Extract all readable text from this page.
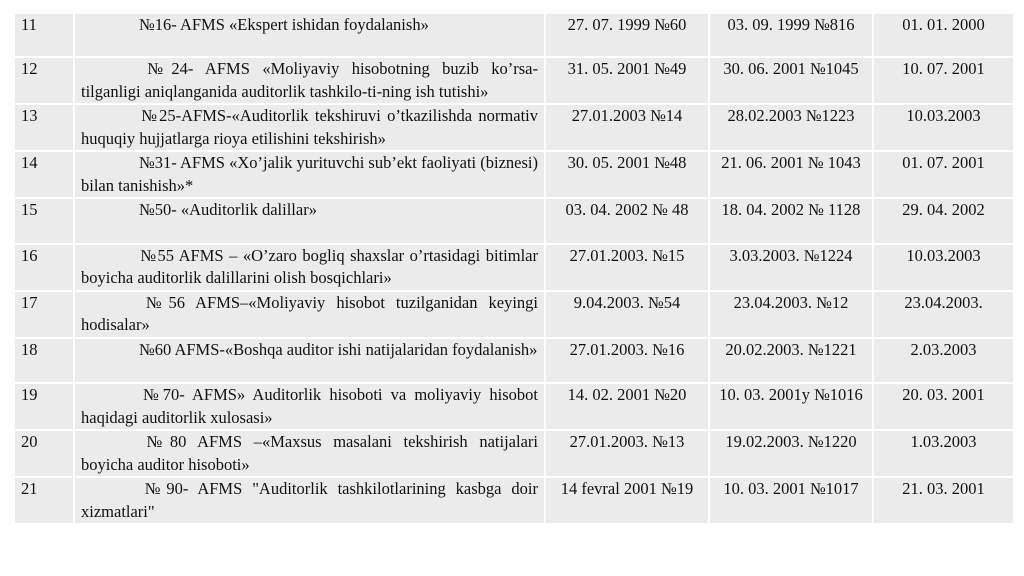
11	№16- AFMS «Ekspert ishidan foydalanish»	27. 07. 1999 №60	03. 09. 1999 №816	01. 01. 2000
12	№24- AFMS «Moliyaviy hisobotning buzib ko’rsa-tilganligi aniqlanganida auditorlik tashkilo-ti-ning ish tutishi»	31. 05. 2001 №49	30. 06. 2001 №1045	10. 07. 2001
13	№25-AFMS-«Auditorlik tekshiruvi o’tkazilishda normativ huquqiy hujjatlarga rioya etilishini tekshirish»	27.01.2003 №14	28.02.2003 №1223	10.03.2003
14	№31- AFMS «Xo’jalik yurituvchi sub’ekt faoliyati (biznesi) bilan tanishish»*	30. 05. 2001 №48	21. 06. 2001 № 1043	01. 07. 2001
15	№50- «Auditorlik dalillar»	03. 04. 2002 № 48	18. 04. 2002 № 1128	29. 04. 2002
16	№55 AFMS – «O’zaro bogliq shaxslar o’rtasidagi bitimlar boyicha auditorlik dalillarini olish bosqichlari»	27.01.2003. №15	3.03.2003. №1224	10.03.2003
17	№56 AFMS–«Moliyaviy hisobot tuzilganidan keyingi hodisalar»	9.04.2003. №54	23.04.2003. №12	23.04.2003.
18	№60 AFMS-«Boshqa auditor ishi natijalaridan foydalanish»	27.01.2003. №16	20.02.2003. №1221	2.03.2003
19	№70- AFMS» Auditorlik hisoboti va moliyaviy hisobot haqidagi auditorlik xulosasi»	14. 02. 2001 №20	10. 03. 2001y №1016	20. 03. 2001
20	№80 AFMS –«Maxsus masalani tekshirish natijalari boyicha auditor hisoboti»	27.01.2003. №13	19.02.2003. №1220	1.03.2003
21	№90- AFMS "Auditorlik tashkilotlarining kasbga doir xizmatlari"	14 fevral 2001 №19	10. 03. 2001 №1017	21. 03. 2001
